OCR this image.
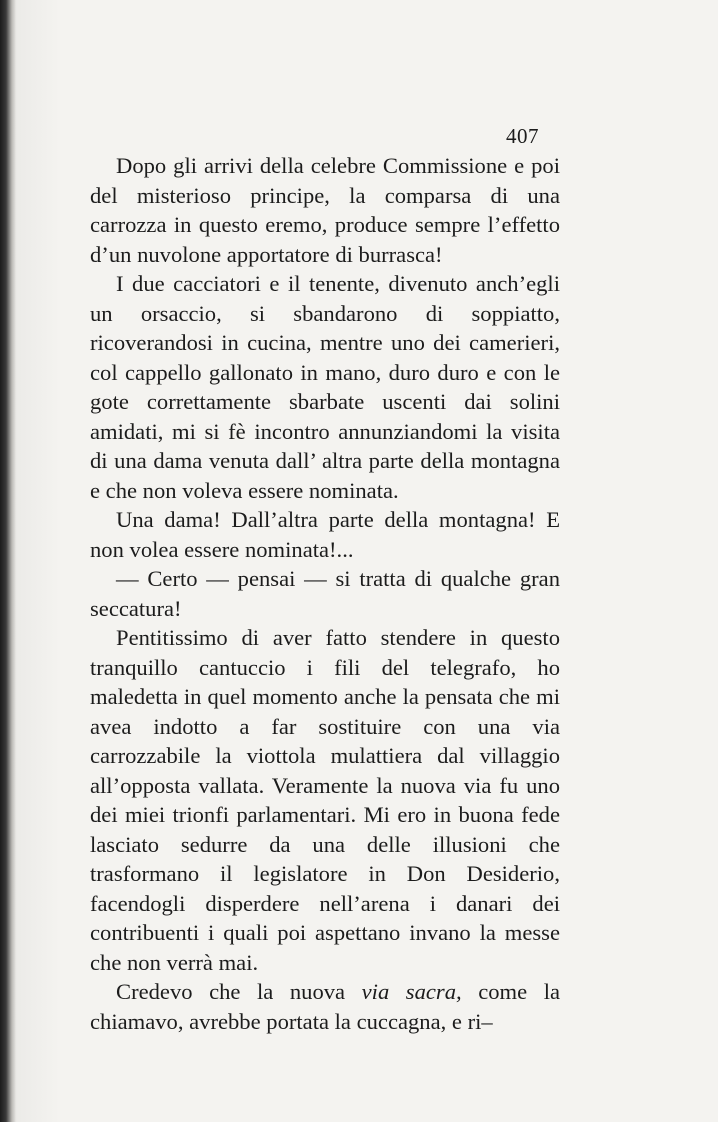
407

Dopo gli arrivi della celebre Commissione e poi del misterioso principe, la comparsa di una carrozza in questo eremo, produce sempre l’effetto d’un nuvolone apportatore di burrasca!

I due cacciatori e il tenente, divenuto anch’egli un orsaccio, si sbandarono di soppiatto, ricoverandosi in cucina, mentre uno dei camerieri, col cappello gallonato in mano, duro duro e con le gote correttamente sbarbate uscenti dai solini amidati, mi si fè incontro annunziandomi la visita di una dama venuta dall’ altra parte della montagna e che non voleva essere nominata.

Una dama! Dall’altra parte della montagna! E non volea essere nominata!...

— Certo — pensai — si tratta di qualche gran seccatura!

Pentitissimo di aver fatto stendere in questo tranquillo cantuccio i fili del telegrafo, ho maledetta in quel momento anche la pensata che mi avea indotto a far sostituire con una via carrozzabile la viottola mulattiera dal villaggio all’opposta vallata. Veramente la nuova via fu uno dei miei trionfi parlamentari. Mi ero in buona fede lasciato sedurre da una delle illusioni che trasformano il legislatore in Don Desiderio, facendogli disperdere nell’arena i danari dei contribuenti i quali poi aspettano invano la messe che non verrà mai.

Credevo che la nuova via sacra, come la chiamavo, avrebbe portata la cuccagna, e ri–
